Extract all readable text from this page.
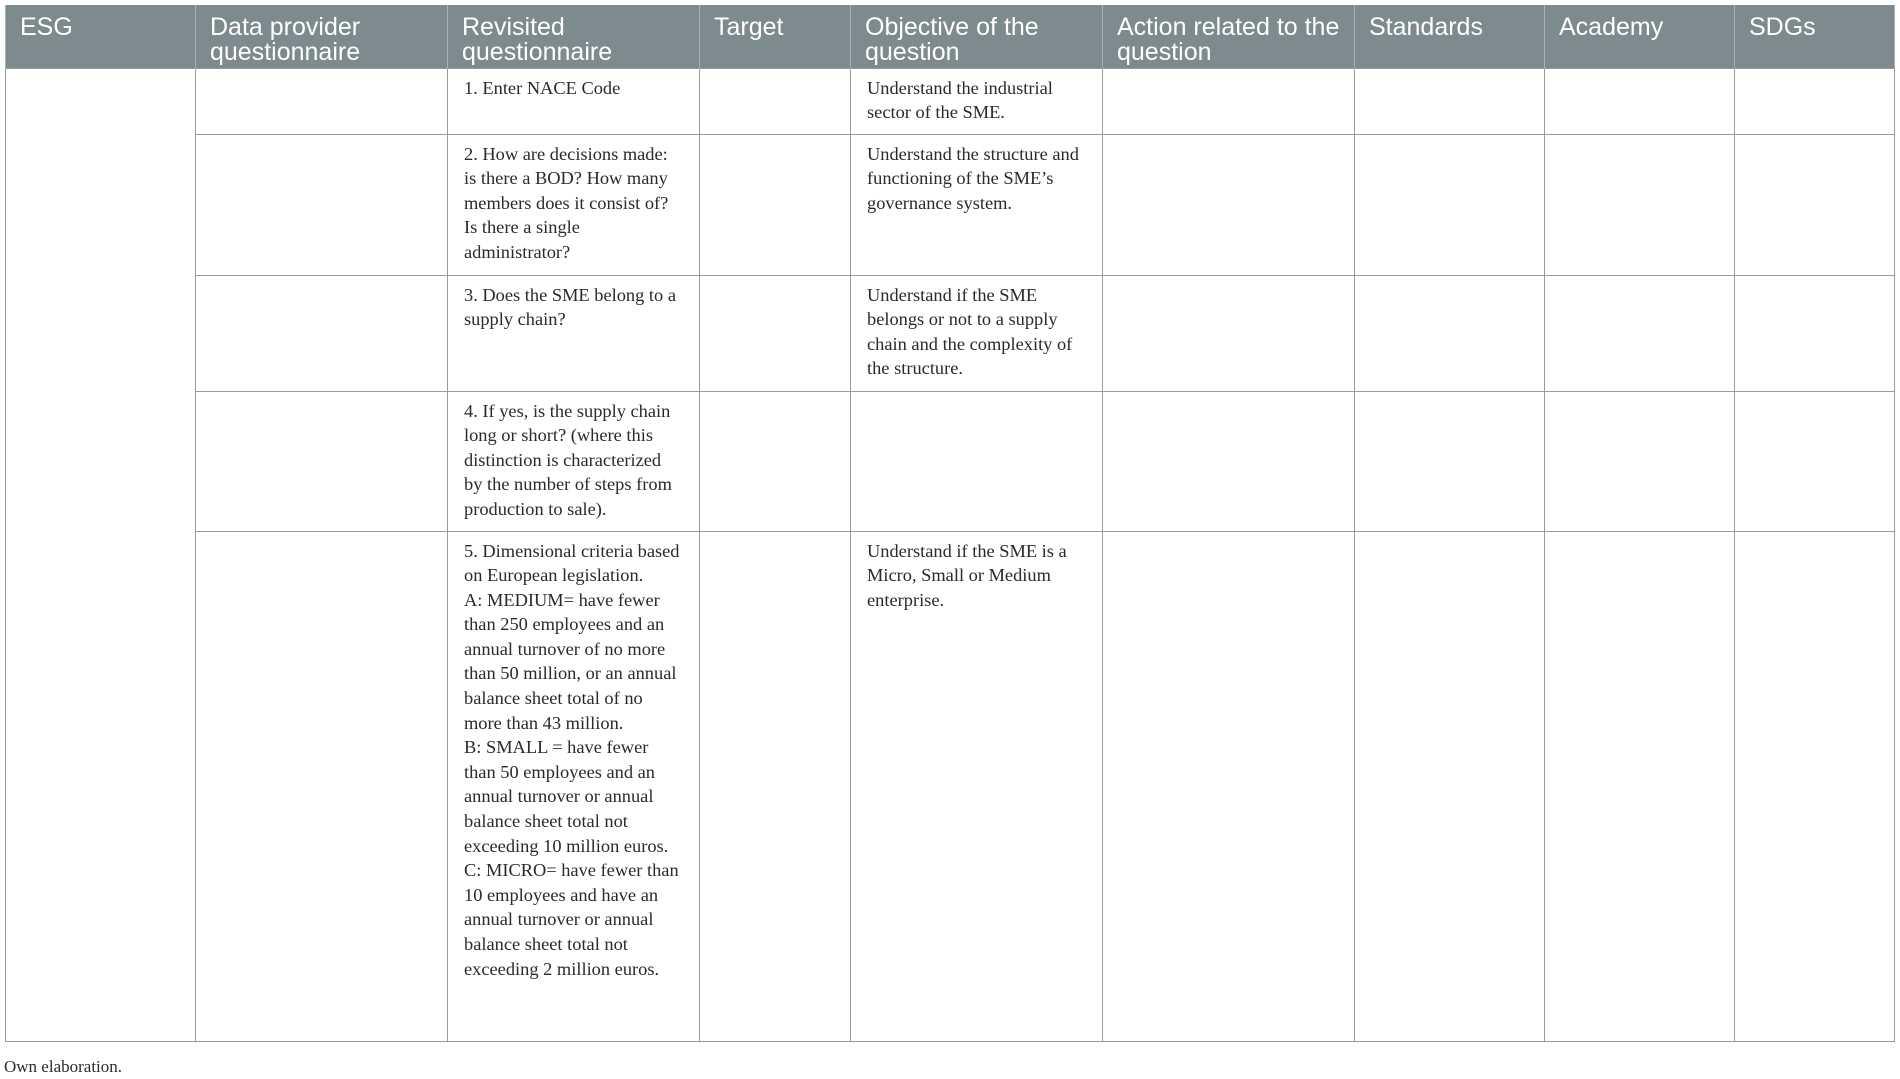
ESG	Data provider questionnaire	Revisited questionnaire	Target	Objective of the question	Action related to the question	Standards	Academy	SDGs
		1. Enter NACE Code		Understand the industrial sector of the SME.				
		2. How are decisions made: is there a BOD? How many members does it consist of? Is there a single administrator?		Understand the structure and functioning of the SME’s governance system.				
		3. Does the SME belong to a supply chain?		Understand if the SME belongs or not to a supply chain and the complexity of the structure.				
		4. If yes, is the supply chain long or short? (where this distinction is characterized by the number of steps from production to sale).						
		5. Dimensional criteria based on European legislation.
A: MEDIUM= have fewer than 250 employees and an annual turnover of no more than 50 million, or an annual balance sheet total of no more than 43 million.
B: SMALL = have fewer than 50 employees and an annual turnover or annual balance sheet total not exceeding 10 million euros.
C: MICRO= have fewer than 10 employees and have an annual turnover or annual balance sheet total not exceeding 2 million euros.		Understand if the SME is a Micro, Small or Medium enterprise.				
Own elaboration.
